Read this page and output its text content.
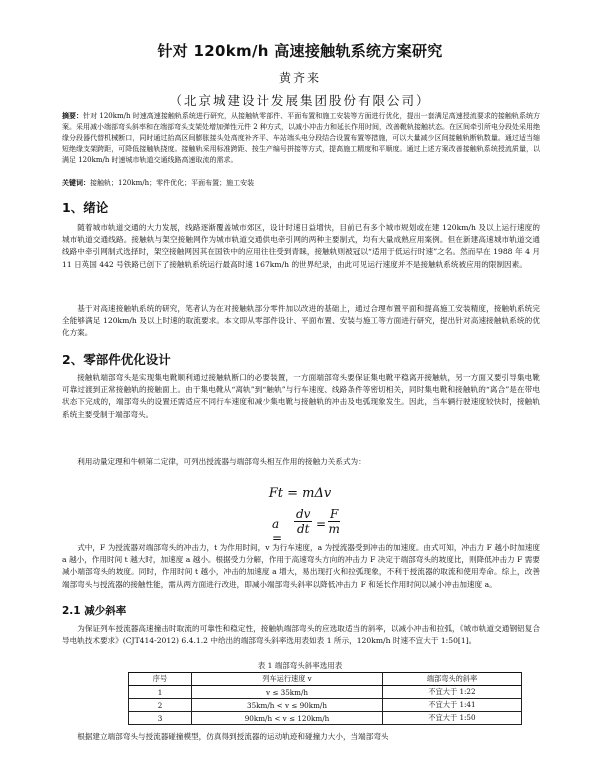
针对 120km/h 高速接触轨系统方案研究
黄齐来
（北京城建设计发展集团股份有限公司）
摘要：针对 120km/h 时速高速接触轨系统进行研究，从接触轨零部件、平面布置和施工安装等方面进行优化，提出一套满足高速授流要求的接触轨系统方案。采用减小端部弯头斜率和在端部弯头支架处增加弹性元件 2 种方式，以减小冲击力和延长作用时间，改善靴轨接触状态。在区间牵引所电分段处采用绝缘分段器代替机械断口，同时通过抬高区间膨胀接头处高度补齐平、车站端头电分段结合设置布置等措施，可以大量减少区间接触轨断轨数量。通过适当缩短绝缘支架跨距，可降低接触轨挠度。接触轨采用标准跨距、按生产编号拼接等方式，提高施工精度和平顺度。通过上述方案改善接触轨系统授流质量，以满足 120km/h 时速城市轨道交通线路高速取流的需求。
关键词：接触轨；120km/h；零件优化；平面布置；施工安装
1、绪论
随着城市轨道交通的大力发展，线路逐渐覆盖城市郊区，设计时速日益增快，目前已有多个城市规划或在建 120km/h 及以上运行速度的城市轨道交通线路。接触轨与架空接触网作为城市轨道交通供电牵引网的两种主要制式，均有大量成熟应用案例。但在新建高速城市轨道交通线路中牵引网制式选择时，架空接触网因其在国铁中的应用往往受到青睐，接触轨则被冠以“适用于低运行时速”之名。然而早在 1988 年 4 月 11 日英国 442 号铁路已创下了接触轨系统运行最高时速 167km/h 的世界纪录，由此可见运行速度并不是接触轨系统被应用的限制因素。
基于对高速接触轨系统的研究，笔者认为在对接触轨部分零件加以改进的基础上，通过合理布置平面和提高施工安装精度，接触轨系统完全能够满足 120km/h 及以上时速的取流要求。本文即从零部件设计、平面布置、安装与施工等方面进行研究，提出针对高速接触轨系统的优化方案。
2、零部件优化设计
接触轨端部弯头是实现集电靴顺利通过接触轨断口的必要装置，一方面端部弯头要保证集电靴平稳离开接触轨，另一方面又要引导集电靴可靠过渡到正常接触轨的接触面上。由于集电靴从“离轨”到“触轨”与行车速度、线路条件等密切相关，同时集电靴和接触轨的“离合”是在带电状态下完成的，端部弯头的设置还需适应不同行车速度和减少集电靴与接触轨的冲击及电弧现象发生。因此，当车辆行驶速度较快时，接触轨系统主要受制于端部弯头。
利用动量定理和牛顿第二定律，可列出授流器与端部弯头相互作用的接触力关系式为：
Ft = mΔv
a =
$\frac{dv}{dt} = \frac{F}{m}$
式中，F 为授流器对端部弯头的冲击力，t 为作用时间，v 为行车速度，a 为授流器受到冲击的加速度。由式可知，冲击力 F 越小时加速度 a 越小，作用时间 t 越大时，加速度 a 越小。根据受力分解，作用于高速弯头方向的冲击力 F 决定于端部弯头的坡度比，则降低冲击力 F 需要减小端部弯头的坡度。同时，作用时间 t 越小，冲击的加速度 a 增大，易出现打火和拉弧现象，不利于授流器的取流和使用寿命。综上，改善端部弯头与授流器的接触性能，需从两方面进行改进，即减小端部弯头斜率以降低冲击力 F 和延长作用时间以减小冲击加速度 a。
2.1 减少斜率
为保证列车授流器高速撞击时取流的可靠性和稳定性，接触轨端部弯头的应选取适当的斜率，以减小冲击和拉弧，《城市轨道交通钢铝复合导电轨技术要求》(CJT414-2012) 6.4.1.2 中给出的端部弯头斜率选用表如表 1 所示，120km/h 时速不宜大于 1:50[1]。
表 1 端部弯头斜率选用表
序号	列车运行速度 v	端部弯头的斜率
1	v ≤ 35km/h	不宜大于 1:22
2	35km/h < v ≤ 90km/h	不宜大于 1:41
3	90km/h < v ≤ 120km/h	不宜大于 1:50
根据建立端部弯头与授流器碰撞模型，仿真得到授流器的运动轨迹和碰撞力大小，当端部弯头
